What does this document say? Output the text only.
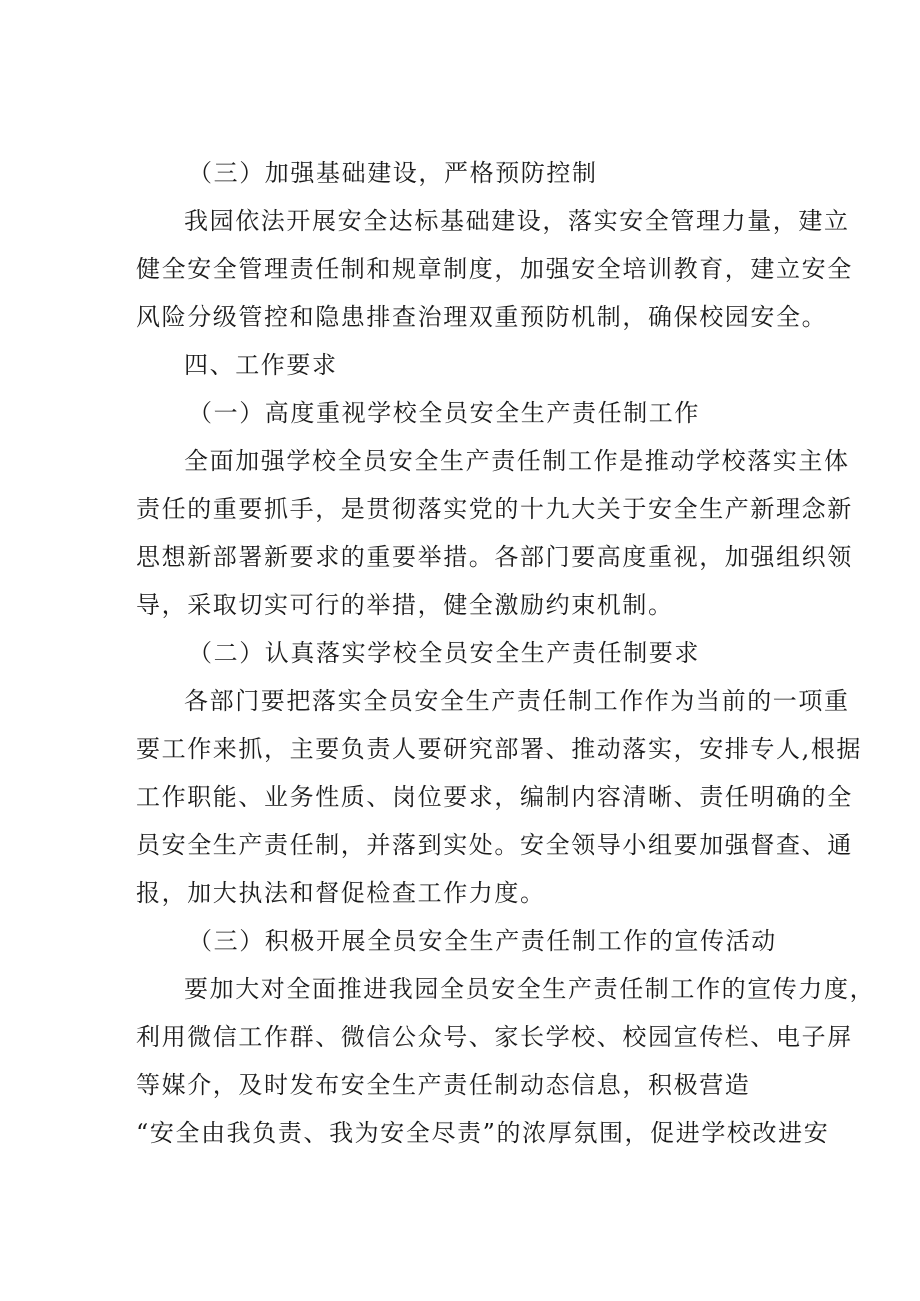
（三）加强基础建设，严格预防控制
我园依法开展安全达标基础建设，落实安全管理力量，建立
健全安全管理责任制和规章制度，加强安全培训教育，建立安全
风险分级管控和隐患排查治理双重预防机制，确保校园安全。
四、工作要求
（一）高度重视学校全员安全生产责任制工作
全面加强学校全员安全生产责任制工作是推动学校落实主体
责任的重要抓手，是贯彻落实党的十九大关于安全生产新理念新
思想新部署新要求的重要举措。各部门要高度重视，加强组织领
导，采取切实可行的举措，健全激励约束机制。
（二）认真落实学校全员安全生产责任制要求
各部门要把落实全员安全生产责任制工作作为当前的一项重
要工作来抓，主要负责人要研究部署、推动落实，安排专人,根据
工作职能、业务性质、岗位要求，编制内容清晰、责任明确的全
员安全生产责任制，并落到实处。安全领导小组要加强督查、通
报，加大执法和督促检查工作力度。
（三）积极开展全员安全生产责任制工作的宣传活动
要加大对全面推进我园全员安全生产责任制工作的宣传力度，
利用微信工作群、微信公众号、家长学校、校园宣传栏、电子屏
等媒介，及时发布安全生产责任制动态信息，积极营造
“安全由我负责、我为安全尽责”的浓厚氛围，促进学校改进安
